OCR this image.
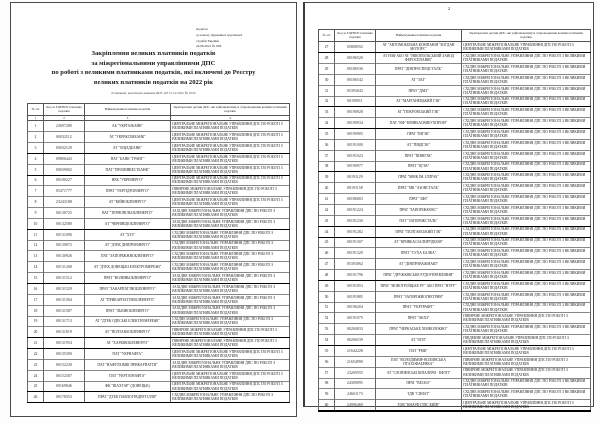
Додаток
до наказу Державної податкової
служби України
24.06.2021 № 606
Закріплення великих платників податків
за міжрегіональними управліннями ДПС
по роботі з великими платниками податків, які включені до Реєстру
великих платників податків на 2022 рік
Із змінами, внесеними наказом ДПС від 17.12.2021 № 1045
№ з/п	Код за ЄДРПОУ платника податків	Найменування платника податків	Територіальні органи ДПС, які здійснюватимуть супроводження великих платників податків
1	2	3	4
1	23697280	АБ "УКРГАЗБАНК"	ЦЕНТРАЛЬНЕ МІЖРЕГІОНАЛЬНЕ УПРАВЛІННЯ ДПС ПО РОБОТІ З ВЕЛИКИМИ ПЛАТНИКАМИ ПОДАТКІВ
2	00032112	АТ "УКРЕКСІМБАНК"	ЦЕНТРАЛЬНЕ МІЖРЕГІОНАЛЬНЕ УПРАВЛІННЯ ДПС ПО РОБОТІ З ВЕЛИКИМИ ПЛАТНИКАМИ ПОДАТКІВ
3	00032129	АТ "ОЩАДБАНК"	ЦЕНТРАЛЬНЕ МІЖРЕГІОНАЛЬНЕ УПРАВЛІННЯ ДПС ПО РОБОТІ З ВЕЛИКИМИ ПЛАТНИКАМИ ПОДАТКІВ
4	09806443	ПАТ "БАНК "ГРАНТ"	ЦЕНТРАЛЬНЕ МІЖРЕГІОНАЛЬНЕ УПРАВЛІННЯ ДПС ПО РОБОТІ З ВЕЛИКИМИ ПЛАТНИКАМИ ПОДАТКІВ
5	00039002	ПАТ "ПРОМІНВЕСТБАНК"	ЦЕНТРАЛЬНЕ МІЖРЕГІОНАЛЬНЕ УПРАВЛІННЯ ДПС ПО РОБОТІ З ВЕЛИКИМИ ПЛАТНИКАМИ ПОДАТКІВ
6	00100227	НЕК "УКРЕНЕРГО"	ЦЕНТРАЛЬНЕ МІЖРЕГІОНАЛЬНЕ УПРАВЛІННЯ ДПС ПО РОБОТІ З ВЕЛИКИМИ ПЛАТНИКАМИ ПОДАТКІВ
7	05471777	ПРАТ "УКРГІДРОЕНЕРГО"	ПІВНІЧНЕ МІЖРЕГІОНАЛЬНЕ УПРАВЛІННЯ ДПС ПО РОБОТІ З ВЕЛИКИМИ ПЛАТНИКАМИ ПОДАТКІВ
8	23243188	АТ "КИЇВОБЛЕНЕРГО"	ЦЕНТРАЛЬНЕ МІЖРЕГІОНАЛЬНЕ УПРАВЛІННЯ ДПС ПО РОБОТІ З ВЕЛИКИМИ ПЛАТНИКАМИ ПОДАТКІВ
9	00130725	ВАТ "ТЕРНОПІЛЬОБЛЕНЕРГО"	ЗАХІДНЕ МІЖРЕГІОНАЛЬНЕ УПРАВЛІННЯ ДПС ПО РОБОТІ З ВЕЛИКИМИ ПЛАТНИКАМИ ПОДАТКІВ
10	00132580	АТ "ЧЕРНІВЦІОБЛЕНЕРГО"	ЗАХІДНЕ МІЖРЕГІОНАЛЬНЕ УПРАВЛІННЯ ДПС ПО РОБОТІ З ВЕЛИКИМИ ПЛАТНИКАМИ ПОДАТКІВ
11	00131096	АТ "ХТЗ"	СХІДНЕ МІЖРЕГІОНАЛЬНЕ УПРАВЛІННЯ ДПС ПО РОБОТІ З ВЕЛИКИМИ ПЛАТНИКАМИ ПОДАТКІВ
12	00130872	АТ "ДТЕК ДНІПРОЕНЕРГО"	СХІДНЕ МІЖРЕГІОНАЛЬНЕ УПРАВЛІННЯ ДПС ПО РОБОТІ З ВЕЛИКИМИ ПЛАТНИКАМИ ПОДАТКІВ
13	00130926	ПАТ "ЗАПОРІЖЖЯОБЛЕНЕРГО"	СХІДНЕ МІЖРЕГІОНАЛЬНЕ УПРАВЛІННЯ ДПС ПО РОБОТІ З ВЕЛИКИМИ ПЛАТНИКАМИ ПОДАТКІВ
14	00131268	АТ "ДТЕК ДОНЕЦЬКІ ЕЛЕКТРОМЕРЕЖІ"	СХІДНЕ МІЖРЕГІОНАЛЬНЕ УПРАВЛІННЯ ДПС ПО РОБОТІ З ВЕЛИКИМИ ПЛАТНИКАМИ ПОДАТКІВ
15	00131512	ПРАТ "ВОЛИНЬОБЛЕНЕРГО"	ЗАХІДНЕ МІЖРЕГІОНАЛЬНЕ УПРАВЛІННЯ ДПС ПО РОБОТІ З ВЕЛИКИМИ ПЛАТНИКАМИ ПОДАТКІВ
16	00131529	ПРАТ "ЗАКАРПАТТЯОБЛЕНЕРГО"	ЗАХІДНЕ МІЖРЕГІОНАЛЬНЕ УПРАВЛІННЯ ДПС ПО РОБОТІ З ВЕЛИКИМИ ПЛАТНИКАМИ ПОДАТКІВ
17	00131564	АТ "ПРИКАРПАТТЯОБЛЕНЕРГО"	ЗАХІДНЕ МІЖРЕГІОНАЛЬНЕ УПРАВЛІННЯ ДПС ПО РОБОТІ З ВЕЛИКИМИ ПЛАТНИКАМИ ПОДАТКІВ
18	00131587	ПРАТ "ЛЬВІВОБЛЕНЕРГО"	ЗАХІДНЕ МІЖРЕГІОНАЛЬНЕ УПРАВЛІННЯ ДПС ПО РОБОТІ З ВЕЛИКИМИ ПЛАТНИКАМИ ПОДАТКІВ
19	00131713	АТ "ДТЕК ОДЕСЬКІ ЕЛЕКТРОМЕРЕЖІ"	СХІДНЕ МІЖРЕГІОНАЛЬНЕ УПРАВЛІННЯ ДПС ПО РОБОТІ З ВЕЛИКИМИ ПЛАТНИКАМИ ПОДАТКІВ
20	00131819	АТ "ПОЛТАВАОБЛЕНЕРГО"	ПІВНІЧНЕ МІЖРЕГІОНАЛЬНЕ УПРАВЛІННЯ ДПС ПО РОБОТІ З ВЕЛИКИМИ ПЛАТНИКАМИ ПОДАТКІВ
21	00131954	АТ "ХАРКІВОБЛЕНЕРГО"	ПІВНІЧНЕ МІЖРЕГІОНАЛЬНЕ УПРАВЛІННЯ ДПС ПО РОБОТІ З ВЕЛИКИМИ ПЛАТНИКАМИ ПОДАТКІВ
22	00135390	ПАТ "УКРНАФТА"	ЦЕНТРАЛЬНЕ МІЖРЕГІОНАЛЬНЕ УПРАВЛІННЯ ДПС ПО РОБОТІ З ВЕЛИКИМИ ПЛАТНИКАМИ ПОДАТКІВ
23	00152230	ПАТ "НАФТОХІМІК ПРИКАРПАТТЯ"	ЗАХІДНЕ МІЖРЕГІОНАЛЬНЕ УПРАВЛІННЯ ДПС ПО РОБОТІ З ВЕЛИКИМИ ПЛАТНИКАМИ ПОДАТКІВ
24	00152307	ПАТ "УКРТАТНАФТА"	ЦЕНТРАЛЬНЕ МІЖРЕГІОНАЛЬНЕ УПРАВЛІННЯ ДПС ПО РОБОТІ З ВЕЛИКИМИ ПЛАТНИКАМИ ПОДАТКІВ
25	00169846	ФК "ШАХТАР" (ДОНЕЦЬК)	ЦЕНТРАЛЬНЕ МІЖРЕГІОНАЛЬНЕ УПРАВЛІННЯ ДПС ПО РОБОТІ З ВЕЛИКИМИ ПЛАТНИКАМИ ПОДАТКІВ
26	00178353	ПРАТ "ДТЕК ПАВЛОГРАДВУГІЛЛЯ"	СХІДНЕ МІЖРЕГІОНАЛЬНЕ УПРАВЛІННЯ ДПС ПО РОБОТІ З ВЕЛИКИМИ ПЛАТНИКАМИ ПОДАТКІВ
2
№ з/п	Код за ЄДРПОУ платника податків	Найменування платника податків	Територіальні органи ДПС, які здійснюватимуть супроводження великих платників податків
27	05808592	АТ "АВТОМОБІЛЬНА КОМПАНІЯ "БОГДАН МОТОРС"	ЦЕНТРАЛЬНЕ МІЖРЕГІОНАЛЬНЕ УПРАВЛІННЯ ДПС ПО РОБОТІ З ВЕЛИКИМИ ПЛАТНИКАМИ ПОДАТКІВ
28	00186520	АТ НЗФ АБО АТ "НІКОПОЛЬСЬКИЙ ЗАВОД ФЕРОСПЛАВІВ"	СХІДНЕ МІЖРЕГІОНАЛЬНЕ УПРАВЛІННЯ ДПС ПО РОБОТІ З ВЕЛИКИМИ ПЛАТНИКАМИ ПОДАТКІВ
29	00186536	ПРАТ "ДНІПРОСПЕЦСТАЛЬ"	СХІДНЕ МІЖРЕГІОНАЛЬНЕ УПРАВЛІННЯ ДПС ПО РОБОТІ З ВЕЛИКИМИ ПЛАТНИКАМИ ПОДАТКІВ
30	00186542	АТ "ЗАЗ"	СХІДНЕ МІЖРЕГІОНАЛЬНЕ УПРАВЛІННЯ ДПС ПО РОБОТІ З ВЕЛИКИМИ ПЛАТНИКАМИ ПОДАТКІВ
31	05393043	ПРАТ "ДМЗ"	СХІДНЕ МІЖРЕГІОНАЛЬНЕ УПРАВЛІННЯ ДПС ПО РОБОТІ З ВЕЛИКИМИ ПЛАТНИКАМИ ПОДАТКІВ
32	00190911	АТ "МАРГАНЕЦЬКИЙ ГЗК"	СХІДНЕ МІЖРЕГІОНАЛЬНЕ УПРАВЛІННЯ ДПС ПО РОБОТІ З ВЕЛИКИМИ ПЛАТНИКАМИ ПОДАТКІВ
33	00190928	АТ "ПОКРОВСЬКИЙ ГЗК"	СХІДНЕ МІЖРЕГІОНАЛЬНЕ УПРАВЛІННЯ ДПС ПО РОБОТІ З ВЕЛИКИМИ ПЛАТНИКАМИ ПОДАТКІВ
34	00190934	ПАТ "ВФ "КРИВБАСВИБУХПРОМ"	СХІДНЕ МІЖРЕГІОНАЛЬНЕ УПРАВЛІННЯ ДПС ПО РОБОТІ З ВЕЛИКИМИ ПЛАТНИКАМИ ПОДАТКІВ
35	00190905	ПРАТ "ІНГЗК"	СХІДНЕ МІЖРЕГІОНАЛЬНЕ УПРАВЛІННЯ ДПС ПО РОБОТІ З ВЕЛИКИМИ ПЛАТНИКАМИ ПОДАТКІВ
36	00191000	АТ "ПІВДГЗК"	СХІДНЕ МІЖРЕГІОНАЛЬНЕ УПРАВЛІННЯ ДПС ПО РОБОТІ З ВЕЛИКИМИ ПЛАТНИКАМИ ПОДАТКІВ
37	00191023	ПРАТ "ПІВНГЗК"	СХІДНЕ МІЖРЕГІОНАЛЬНЕ УПРАВЛІННЯ ДПС ПО РОБОТІ З ВЕЛИКИМИ ПЛАТНИКАМИ ПОДАТКІВ
38	00190977	ПРАТ "ЦГЗК"	СХІДНЕ МІЖРЕГІОНАЛЬНЕ УПРАВЛІННЯ ДПС ПО РОБОТІ З ВЕЛИКИМИ ПЛАТНИКАМИ ПОДАТКІВ
39	00191129	ПРАТ "ММК ІМ. ІЛЛІЧА"	СХІДНЕ МІЖРЕГІОНАЛЬНЕ УПРАВЛІННЯ ДПС ПО РОБОТІ З ВЕЛИКИМИ ПЛАТНИКАМИ ПОДАТКІВ
40	00191158	ПРАТ "МК "АЗОВСТАЛЬ"	СХІДНЕ МІЖРЕГІОНАЛЬНЕ УПРАВЛІННЯ ДПС ПО РОБОТІ З ВЕЛИКИМИ ПЛАТНИКАМИ ПОДАТКІВ
41	00186803	ПРАТ "ЗФЗ"	СХІДНЕ МІЖРЕГІОНАЛЬНЕ УПРАВЛІННЯ ДПС ПО РОБОТІ З ВЕЛИКИМИ ПЛАТНИКАМИ ПОДАТКІВ
42	00191224	ПРАТ "ЗАПОРІЖКОКС"	СХІДНЕ МІЖРЕГІОНАЛЬНЕ УПРАВЛІННЯ ДПС ПО РОБОТІ З ВЕЛИКИМИ ПЛАТНИКАМИ ПОДАТКІВ
43	00191230	ПАТ "ЗАПОРІЖСТАЛЬ"	СХІДНЕ МІЖРЕГІОНАЛЬНЕ УПРАВЛІННЯ ДПС ПО РОБОТІ З ВЕЛИКИМИ ПЛАТНИКАМИ ПОДАТКІВ
44	00191282	ПРАТ "ПОЛТАВСЬКИЙ ГЗК"	СХІДНЕ МІЖРЕГІОНАЛЬНЕ УПРАВЛІННЯ ДПС ПО РОБОТІ З ВЕЛИКИМИ ПЛАТНИКАМИ ПОДАТКІВ
45	00191307	АТ "КРИВБАСЗАЛІЗРУДКОМ"	СХІДНЕ МІЖРЕГІОНАЛЬНЕ УПРАВЛІННЯ ДПС ПО РОБОТІ З ВЕЛИКИМИ ПЛАТНИКАМИ ПОДАТКІВ
46	00191329	ПРАТ "СУХА БАЛКА"	СХІДНЕ МІЖРЕГІОНАЛЬНЕ УПРАВЛІННЯ ДПС ПО РОБОТІ З ВЕЛИКИМИ ПЛАТНИКАМИ ПОДАТКІВ
47	05393062	АТ "ДНІПРОВАЖМАШ"	СХІДНЕ МІЖРЕГІОНАЛЬНЕ УПРАВЛІННЯ ДПС ПО РОБОТІ З ВЕЛИКИМИ ПЛАТНИКАМИ ПОДАТКІВ
48	00191796	ПРАТ "ДРУЖКІВСЬКЕ РУДОУПРАВЛІННЯ"	СХІДНЕ МІЖРЕГІОНАЛЬНЕ УПРАВЛІННЯ ДПС ПО РОБОТІ З ВЕЛИКИМИ ПЛАТНИКАМИ ПОДАТКІВ
49	00191853	ПРАТ "НОВОТРОЇЦЬКЕ РУ" АБО ПРАТ "НТРУ"	СХІДНЕ МІЖРЕГІОНАЛЬНЕ УПРАВЛІННЯ ДПС ПО РОБОТІ З ВЕЛИКИМИ ПЛАТНИКАМИ ПОДАТКІВ
50	00191885	ПРАТ "ЗАПОРІЖВОГНЕТРИВ"	СХІДНЕ МІЖРЕГІОНАЛЬНЕ УПРАВЛІННЯ ДПС ПО РОБОТІ З ВЕЛИКИМИ ПЛАТНИКАМИ ПОДАТКІВ
51	00196204	ПРАТ "УКРГРАФІТ"	СХІДНЕ МІЖРЕГІОНАЛЬНЕ УПРАВЛІННЯ ДПС ПО РОБОТІ З ВЕЛИКИМИ ПЛАТНИКАМИ ПОДАТКІВ
52	00191075	ПРАТ "АКХЗ"	ПІВНІЧНЕ МІЖРЕГІОНАЛЬНЕ УПРАВЛІННЯ ДПС ПО РОБОТІ З ВЕЛИКИМИ ПЛАТНИКАМИ ПОДАТКІВ
53	00204033	ПРАТ "ЧЕРКАСЬКЕ ХІМВОЛОКНО"	СХІДНЕ МІЖРЕГІОНАЛЬНЕ УПРАВЛІННЯ ДПС ПО РОБОТІ З ВЕЛИКИМИ ПЛАТНИКАМИ ПОДАТКІВ
54	00206539	АТ "ОПЗ"	ПІВДЕННЕ МІЖРЕГІОНАЛЬНЕ УПРАВЛІННЯ ДПС ПО РОБОТІ З ВЕЛИКИМИ ПЛАТНИКАМИ ПОДАТКІВ
55	21642228	ПАТ "РМК"	ЦЕНТРАЛЬНЕ МІЖРЕГІОНАЛЬНЕ УПРАВЛІННЯ ДПС ПО РОБОТІ З ВЕЛИКИМИ ПЛАТНИКАМИ ПОДАТКІВ
56	21654990	ПАТ "ВОЛОДИМИР-ВОЛИНСЬКА ПТАХОФАБРИКА"	ПІВНІЧНЕ МІЖРЕГІОНАЛЬНЕ УПРАВЛІННЯ ДПС ПО РОБОТІ З ВЕЛИКИМИ ПЛАТНИКАМИ ПОДАТКІВ
57	23269555	АТ "СЛОВ'ЯНСЬКІ ШПАЛЕРИ - КФТП"	ПІВНІЧНЕ МІЖРЕГІОНАЛЬНЕ УПРАВЛІННЯ ДПС ПО РОБОТІ З ВЕЛИКИМИ ПЛАТНИКАМИ ПОДАТКІВ
58	24309095	ПРАТ "ВЕСКО"	СХІДНЕ МІЖРЕГІОНАЛЬНЕ УПРАВЛІННЯ ДПС ПО РОБОТІ З ВЕЛИКИМИ ПЛАТНИКАМИ ПОДАТКІВ
59	24661173	ТДВ "СІНІАТ"	СХІДНЕ МІЖРЕГІОНАЛЬНЕ УПРАВЛІННЯ ДПС ПО РОБОТІ З ВЕЛИКИМИ ПЛАТНИКАМИ ПОДАТКІВ
60	24996469	ТОВ "КНАУФ ГІПС КИЇВ"	ЦЕНТРАЛЬНЕ МІЖРЕГІОНАЛЬНЕ УПРАВЛІННЯ ДПС ПО РОБОТІ З ВЕЛИКИМИ ПЛАТНИКАМИ ПОДАТКІВ
